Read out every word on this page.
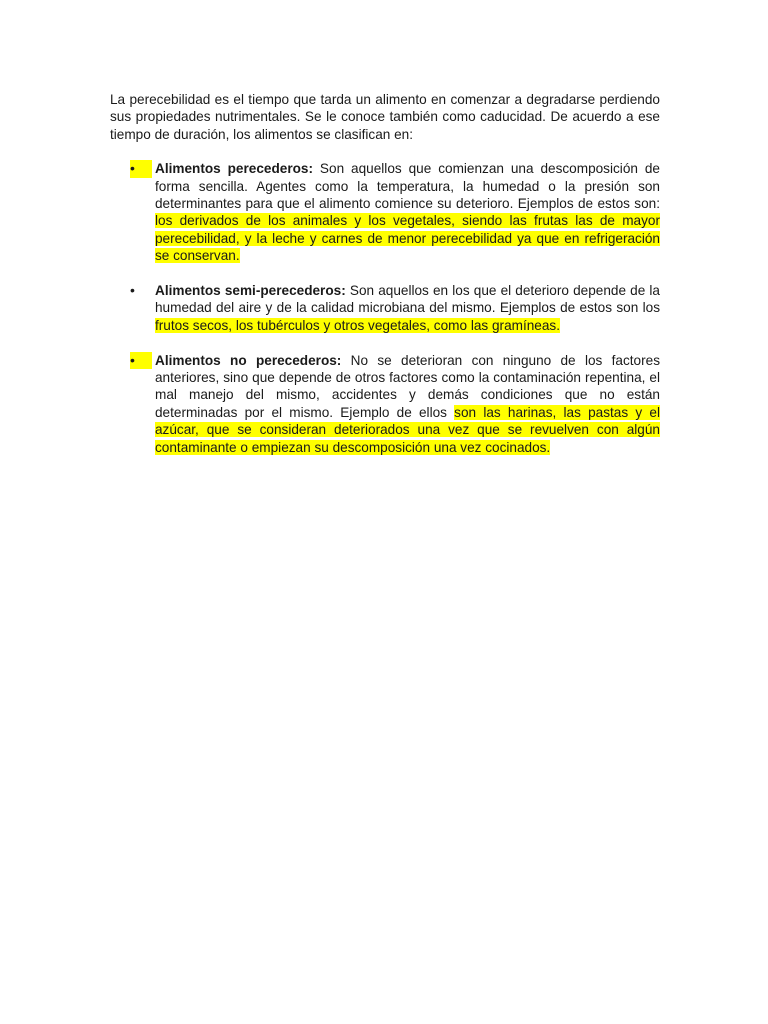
La perecebilidad es el tiempo que tarda un alimento en comenzar a degradarse perdiendo sus propiedades nutrimentales. Se le conoce también como caducidad. De acuerdo a ese tiempo de duración, los alimentos se clasifican en:

•	Alimentos perecederos: Son aquellos que comienzan una descomposición de forma sencilla. Agentes como la temperatura, la humedad o la presión son determinantes para que el alimento comience su deterioro. Ejemplos de estos son: los derivados de los animales y los vegetales, siendo las frutas las de mayor perecebilidad, y la leche y carnes de menor perecebilidad ya que en refrigeración se conservan.
•	Alimentos semi-perecederos: Son aquellos en los que el deterioro depende de la humedad del aire y de la calidad microbiana del mismo. Ejemplos de estos son los frutos secos, los tubérculos y otros vegetales, como las gramíneas.
•	Alimentos no perecederos: No se deterioran con ninguno de los factores anteriores, sino que depende de otros factores como la contaminación repentina, el mal manejo del mismo, accidentes y demás condiciones que no están determinadas por el mismo. Ejemplo de ellos son las harinas, las pastas y el azúcar, que se consideran deteriorados una vez que se revuelven con algún contaminante o empiezan su descomposición una vez cocinados.
